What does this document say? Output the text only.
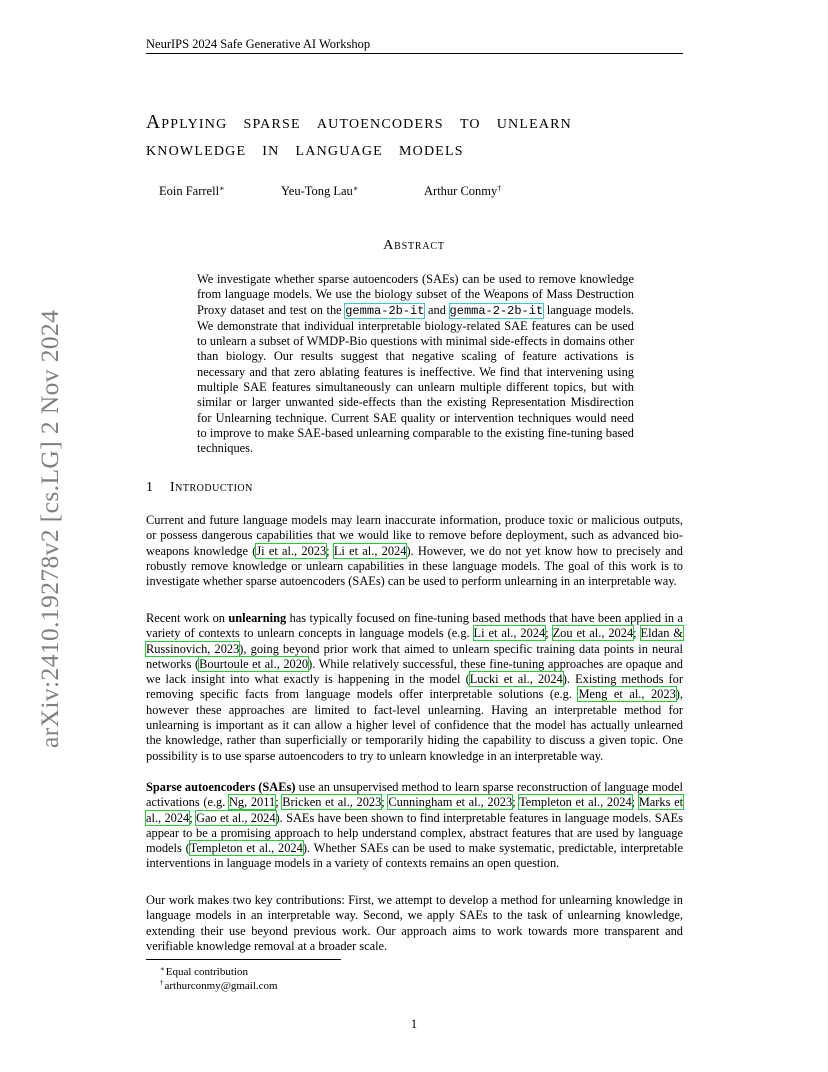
NeurIPS 2024 Safe Generative AI Workshop
arXiv:2410.19278v2 [cs.LG] 2 Nov 2024
Applying sparse autoencoders to unlearn
knowledge in language models
Eoin Farrell∗	Yeu-Tong Lau∗	Arthur Conmy†
Abstract
We investigate whether sparse autoencoders (SAEs) can be used to remove knowledge from language models. We use the biology subset of the Weapons of Mass Destruction Proxy dataset and test on the gemma-2b-it and gemma-2-2b-it language models. We demonstrate that individual interpretable biology-related SAE features can be used to unlearn a subset of WMDP-Bio questions with minimal side-effects in domains other than biology. Our results suggest that negative scaling of feature activations is necessary and that zero ablating features is ineffective. We find that intervening using multiple SAE features simultaneously can unlearn multiple different topics, but with similar or larger unwanted side-effects than the existing Representation Misdirection for Unlearning technique. Current SAE quality or intervention techniques would need to improve to make SAE-based unlearning comparable to the existing fine-tuning based techniques.
1 Introduction
Current and future language models may learn inaccurate information, produce toxic or malicious outputs, or possess dangerous capabilities that we would like to remove before deployment, such as advanced bio-weapons knowledge (Ji et al., 2023; Li et al., 2024). However, we do not yet know how to precisely and robustly remove knowledge or unlearn capabilities in these language models. The goal of this work is to investigate whether sparse autoencoders (SAEs) can be used to perform unlearning in an interpretable way.
Recent work on unlearning has typically focused on fine-tuning based methods that have been applied in a variety of contexts to unlearn concepts in language models (e.g. Li et al., 2024; Zou et al., 2024; Eldan & Russinovich, 2023), going beyond prior work that aimed to unlearn specific training data points in neural networks (Bourtoule et al., 2020). While relatively successful, these fine-tuning approaches are opaque and we lack insight into what exactly is happening in the model (Lucki et al., 2024). Existing methods for removing specific facts from language models offer interpretable solutions (e.g. Meng et al., 2023), however these approaches are limited to fact-level unlearning. Having an interpretable method for unlearning is important as it can allow a higher level of confidence that the model has actually unlearned the knowledge, rather than superficially or temporarily hiding the capability to discuss a given topic. One possibility is to use sparse autoencoders to try to unlearn knowledge in an interpretable way.
Sparse autoencoders (SAEs) use an unsupervised method to learn sparse reconstruction of language model activations (e.g. Ng, 2011; Bricken et al., 2023; Cunningham et al., 2023; Templeton et al., 2024; Marks et al., 2024; Gao et al., 2024). SAEs have been shown to find interpretable features in language models. SAEs appear to be a promising approach to help understand complex, abstract features that are used by language models (Templeton et al., 2024). Whether SAEs can be used to make systematic, predictable, interpretable interventions in language models in a variety of contexts remains an open question.
Our work makes two key contributions: First, we attempt to develop a method for unlearning knowledge in language models in an interpretable way. Second, we apply SAEs to the task of unlearning knowledge, extending their use beyond previous work. Our approach aims to work towards more transparent and verifiable knowledge removal at a broader scale.
∗Equal contribution
†arthurconmy@gmail.com
1
